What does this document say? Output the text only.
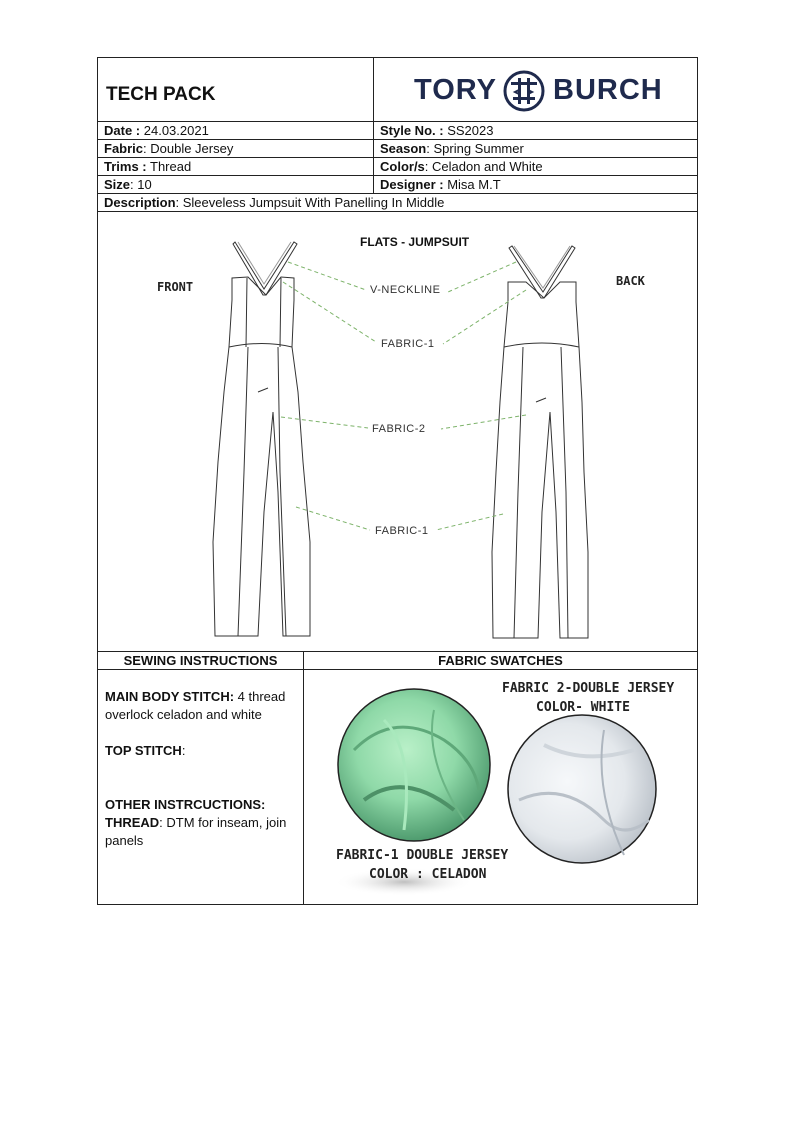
TECH PACK	TORY BURCH
Date : 24.03.2021	Style No. : SS2023
Fabric: Double Jersey	Season: Spring Summer
Trims : Thread	Color/s: Celadon and White
Size: 10	Designer : Misa M.T
Description: Sleeveless Jumpsuit With Panelling In Middle
FLATS - JUMPSUIT
FRONT	BACK
V-NECKLINE
FABRIC-1
FABRIC-2
FABRIC-1
SEWING INSTRUCTIONS	FABRIC SWATCHES
MAIN BODY STITCH: 4 thread overlock celadon and white
TOP STITCH:
OTHER INSTRCUCTIONS:
THREAD: DTM for inseam, join panels
FABRIC 2-DOUBLE JERSEY
COLOR- WHITE
FABRIC-1 DOUBLE JERSEY
COLOR : CELADON
